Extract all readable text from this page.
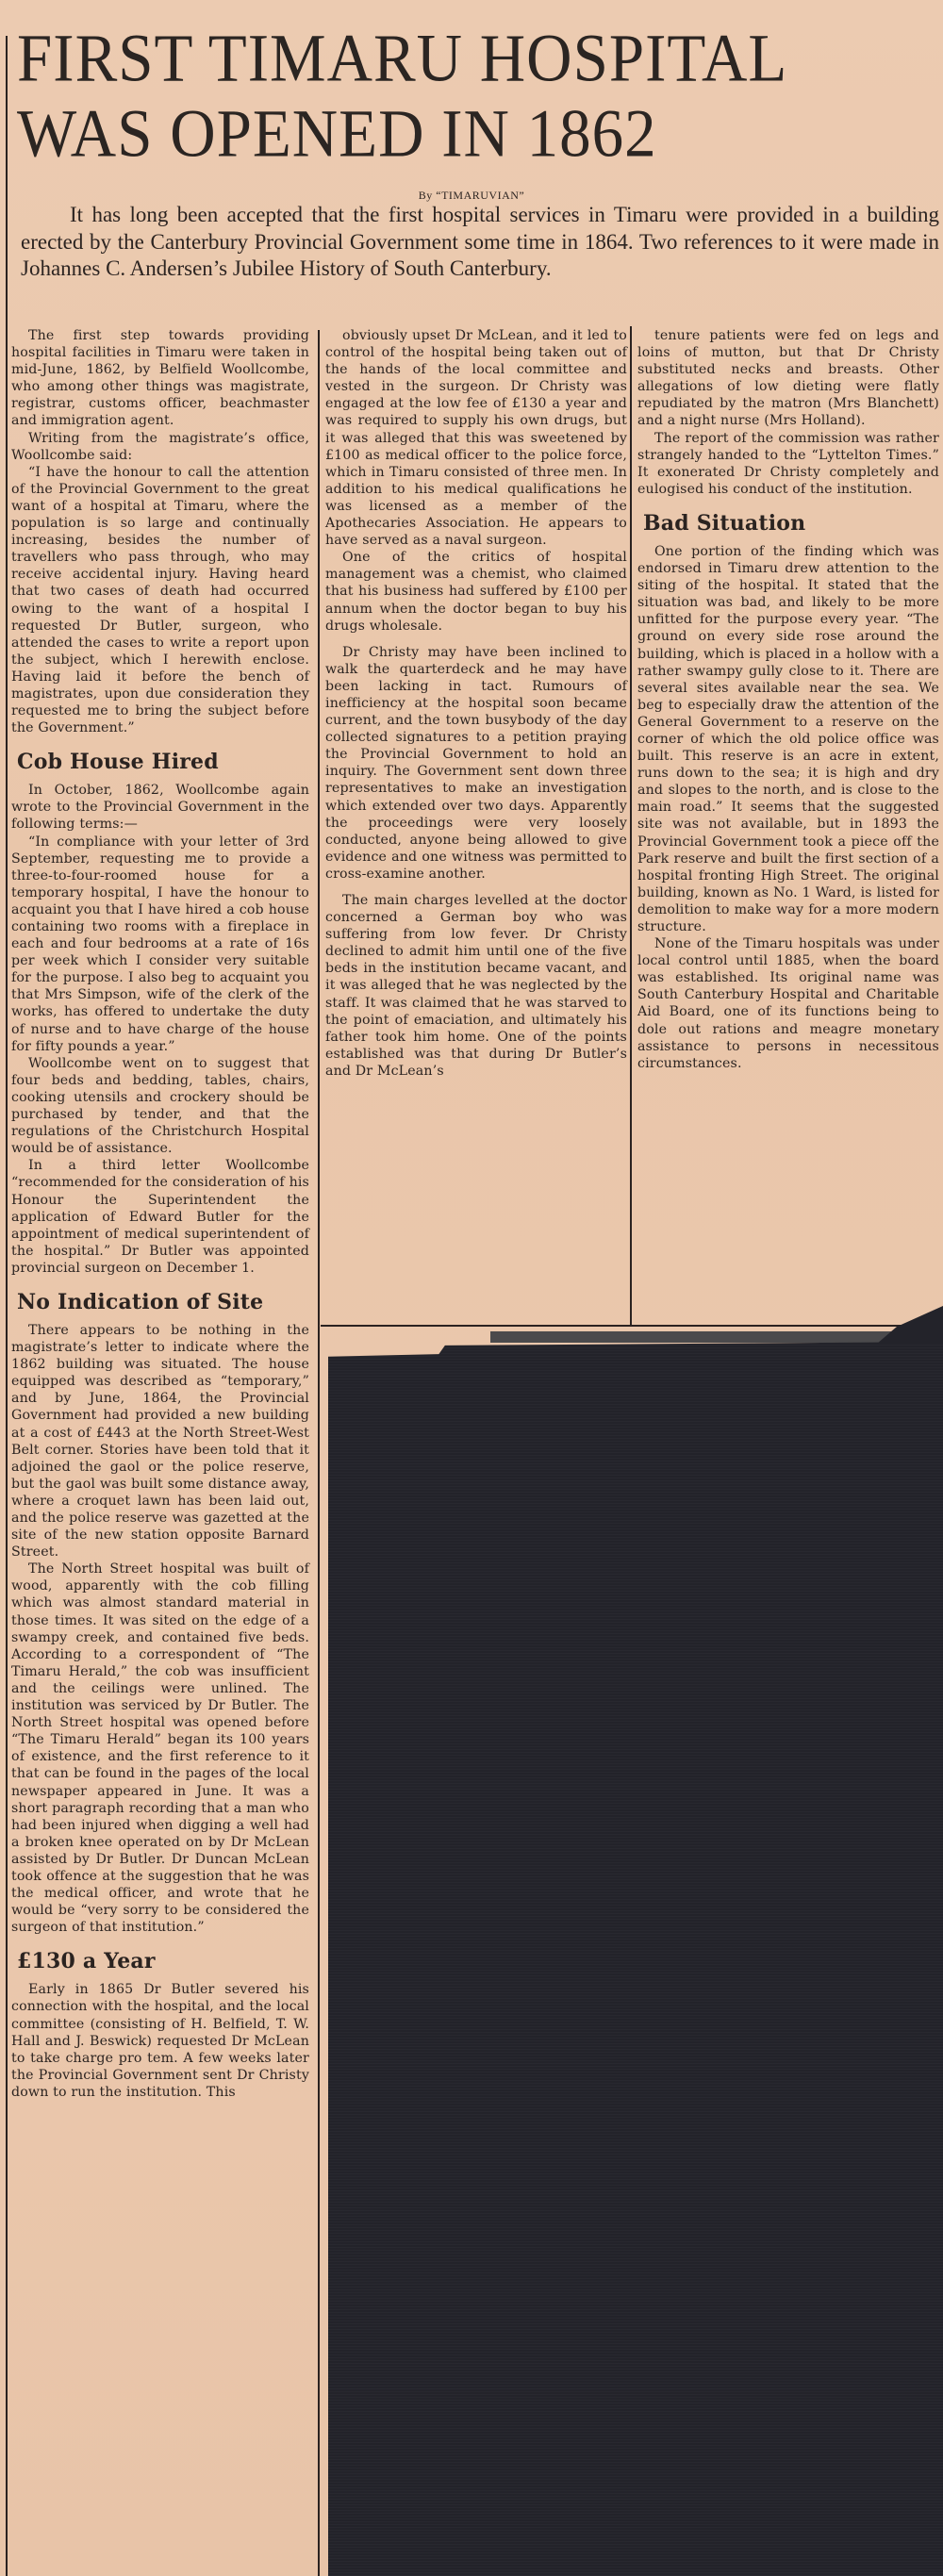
FIRST TIMARU HOSPITAL
WAS OPENED IN 1862
By “TIMARUVIAN”
It has long been accepted that the first hospital services in Timaru were provided in a building erected by the Canterbury Provincial Government some time in 1864. Two references to it were made in Johannes C. Andersen’s Jubilee History of South Canterbury.

The first step towards providing hospital facilities in Timaru were taken in mid-June, 1862, by Belfield Woollcombe, who among other things was magistrate, registrar, customs officer, beachmaster and immigration agent.

Writing from the magistrate’s office, Woollcombe said:

“I have the honour to call the attention of the Provincial Government to the great want of a hospital at Timaru, where the population is so large and continually increasing, besides the number of travellers who pass through, who may receive accidental injury. Having heard that two cases of death had occurred owing to the want of a hospital I requested Dr Butler, surgeon, who attended the cases to write a report upon the subject, which I herewith enclose. Having laid it before the bench of magistrates, upon due consideration they requested me to bring the subject before the Government.”

Cob House Hired

In October, 1862, Woollcombe again wrote to the Provincial Government in the following terms:—

“In compliance with your letter of 3rd September, requesting me to provide a three-to-four-roomed house for a temporary hospital, I have the honour to acquaint you that I have hired a cob house containing two rooms with a fireplace in each and four bedrooms at a rate of 16s per week which I consider very suitable for the purpose. I also beg to acquaint you that Mrs Simpson, wife of the clerk of the works, has offered to undertake the duty of nurse and to have charge of the house for fifty pounds a year.”

Woollcombe went on to suggest that four beds and bedding, tables, chairs, cooking utensils and crockery should be purchased by tender, and that the regulations of the Christchurch Hospital would be of assistance.

In a third letter Woollcombe “recommended for the consideration of his Honour the Superintendent the application of Edward Butler for the appointment of medical superintendent of the hospital.” Dr Butler was appointed provincial surgeon on December 1.

No Indication of Site

There appears to be nothing in the magistrate’s letter to indicate where the 1862 building was situated. The house equipped was described as “temporary,” and by June, 1864, the Provincial Government had provided a new building at a cost of £443 at the North Street-West Belt corner. Stories have been told that it adjoined the gaol or the police reserve, but the gaol was built some distance away, where a croquet lawn has been laid out, and the police reserve was gazetted at the site of the new station opposite Barnard Street.

The North Street hospital was built of wood, apparently with the cob filling which was almost standard material in those times. It was sited on the edge of a swampy creek, and contained five beds. According to a correspondent of “The Timaru Herald,” the cob was insufficient and the ceilings were unlined. The institution was serviced by Dr Butler. The North Street hospital was opened before “The Timaru Herald” began its 100 years of existence, and the first reference to it that can be found in the pages of the local newspaper appeared in June. It was a short paragraph recording that a man who had been injured when digging a well had a broken knee operated on by Dr McLean assisted by Dr Butler. Dr Duncan McLean took offence at the suggestion that he was the medical officer, and wrote that he would be “very sorry to be considered the surgeon of that institution.”

£130 a Year

Early in 1865 Dr Butler severed his connection with the hospital, and the local committee (consisting of H. Belfield, T. W. Hall and J. Beswick) requested Dr McLean to take charge pro tem. A few weeks later the Provincial Government sent Dr Christy down to run the institution. This

obviously upset Dr McLean, and it led to control of the hospital being taken out of the hands of the local committee and vested in the surgeon. Dr Christy was engaged at the low fee of £130 a year and was required to supply his own drugs, but it was alleged that this was sweetened by £100 as medical officer to the police force, which in Timaru consisted of three men. In addition to his medical qualifications he was licensed as a member of the Apothecaries Association. He appears to have served as a naval surgeon.

One of the critics of hospital management was a chemist, who claimed that his business had suffered by £100 per annum when the doctor began to buy his drugs wholesale.

Dr Christy may have been inclined to walk the quarterdeck and he may have been lacking in tact. Rumours of inefficiency at the hospital soon became current, and the town busybody of the day collected signatures to a petition praying the Provincial Government to hold an inquiry. The Government sent down three representatives to make an investigation which extended over two days. Apparently the proceedings were very loosely conducted, anyone being allowed to give evidence and one witness was permitted to cross-examine another.

The main charges levelled at the doctor concerned a German boy who was suffering from low fever. Dr Christy declined to admit him until one of the five beds in the institution became vacant, and it was alleged that he was neglected by the staff. It was claimed that he was starved to the point of emaciation, and ultimately his father took him home. One of the points established was that during Dr Butler’s and Dr McLean’s

tenure patients were fed on legs and loins of mutton, but that Dr Christy substituted necks and breasts. Other allegations of low dieting were flatly repudiated by the matron (Mrs Blanchett) and a night nurse (Mrs Holland).

The report of the commission was rather strangely handed to the “Lyttelton Times.” It exonerated Dr Christy completely and eulogised his conduct of the institution.

Bad Situation

One portion of the finding which was endorsed in Timaru drew attention to the siting of the hospital. It stated that the situation was bad, and likely to be more unfitted for the purpose every year. “The ground on every side rose around the building, which is placed in a hollow with a rather swampy gully close to it. There are several sites available near the sea. We beg to especially draw the attention of the General Government to a reserve on the corner of which the old police office was built. This reserve is an acre in extent, runs down to the sea; it is high and dry and slopes to the north, and is close to the main road.” It seems that the suggested site was not available, but in 1893 the Provincial Government took a piece off the Park reserve and built the first section of a hospital fronting High Street. The original building, known as No. 1 Ward, is listed for demolition to make way for a more modern structure.

None of the Timaru hospitals was under local control until 1885, when the board was established. Its original name was South Canterbury Hospital and Charitable Aid Board, one of its functions being to dole out rations and meagre monetary assistance to persons in necessitous circumstances.
